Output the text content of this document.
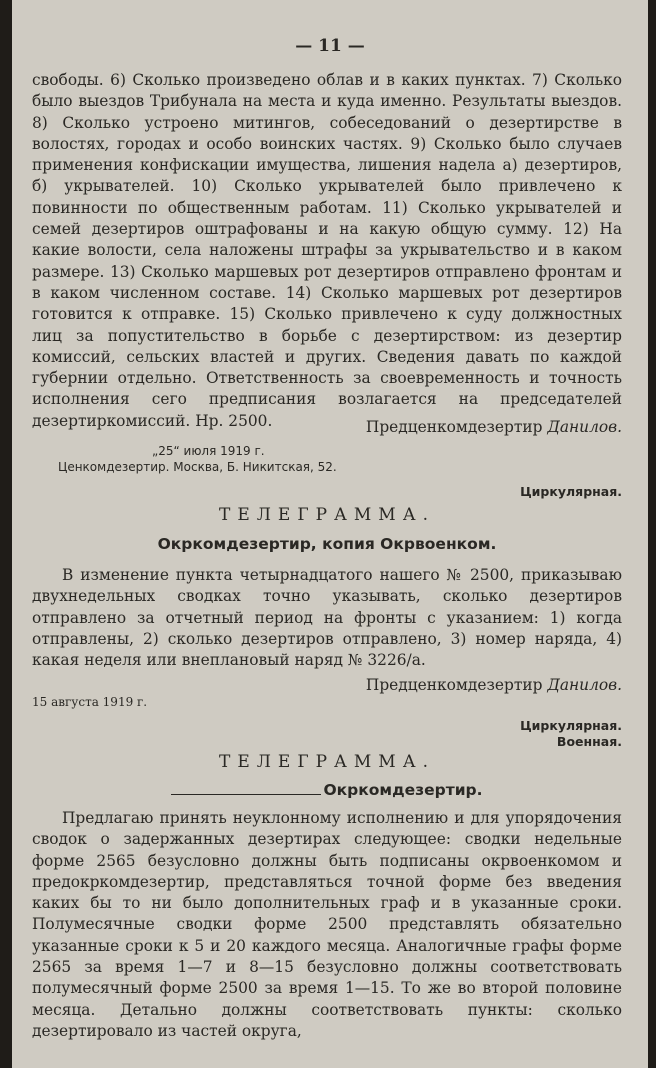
— 11 —

свободы. 6) Сколько произведено облав и в каких пунктах. 7) Сколько было выездов Трибунала на места и куда именно. Результаты выездов. 8) Сколько устроено митингов, собеседований о дезертирстве в волостях, городах и особо воинских частях. 9) Сколько было случаев применения конфискации имущества, лишения надела а) дезертиров, б) укрывателей. 10) Сколько укрывателей было привлечено к повинности по общественным работам. 11) Сколько укрывателей и семей дезертиров оштрафованы и на какую общую сумму. 12) На какие волости, села наложены штрафы за укрывательство и в каком размере. 13) Сколько маршевых рот дезертиров отправлено фронтам и в каком численном составе. 14) Сколько маршевых рот дезертиров готовится к отправке. 15) Сколько привлечено к суду должностных лиц за попустительство в борьбе с дезертирством: из дезертир комиссий, сельских властей и других. Сведения давать по каждой губернии отдельно. Ответственность за своевременность и точность исполнения сего предписания возлагается на председателей дезертиркомиссий. Нр. 2500.	Предценкомдезертир Данилов.
„25“ июля 1919 г.
Ценкомдезертир. Москва, Б. Никитская, 52.
Циркулярная.
ТЕЛЕГРАММА.
Окркомдезертир, копия Окрвоенком.

В изменение пункта четырнадцатого нашего № 2500, приказываю двухнедельных сводках точно указывать, сколько дезертиров отправлено за отчетный период на фронты с указанием: 1) когда отправлены, 2) сколько дезертиров отправлено, 3) номер наряда, 4) какая неделя или внеплановый наряд № 3226/а.

Предценкомдезертир Данилов.
15 августа 1919 г.
Циркулярная.
Военная.
ТЕЛЕГРАММА.
Окркомдезертир.

Предлагаю принять неуклонному исполнению и для упорядочения сводок о задержанных дезертирах следующее: сводки недельные форме 2565 безусловно должны быть подписаны окрвоенкомом и предокркомдезертир, представляться точной форме без введения каких бы то ни было дополнительных граф и в указанные сроки. Полумесячные сводки форме 2500 представлять обязательно указанные сроки к 5 и 20 каждого месяца. Аналогичные графы форме 2565 за время 1—7 и 8—15 безусловно должны соответствовать полумесячный форме 2500 за время 1—15. То же во второй половине месяца. Детально должны соответствовать пункты: сколько дезертировало из частей округа,
